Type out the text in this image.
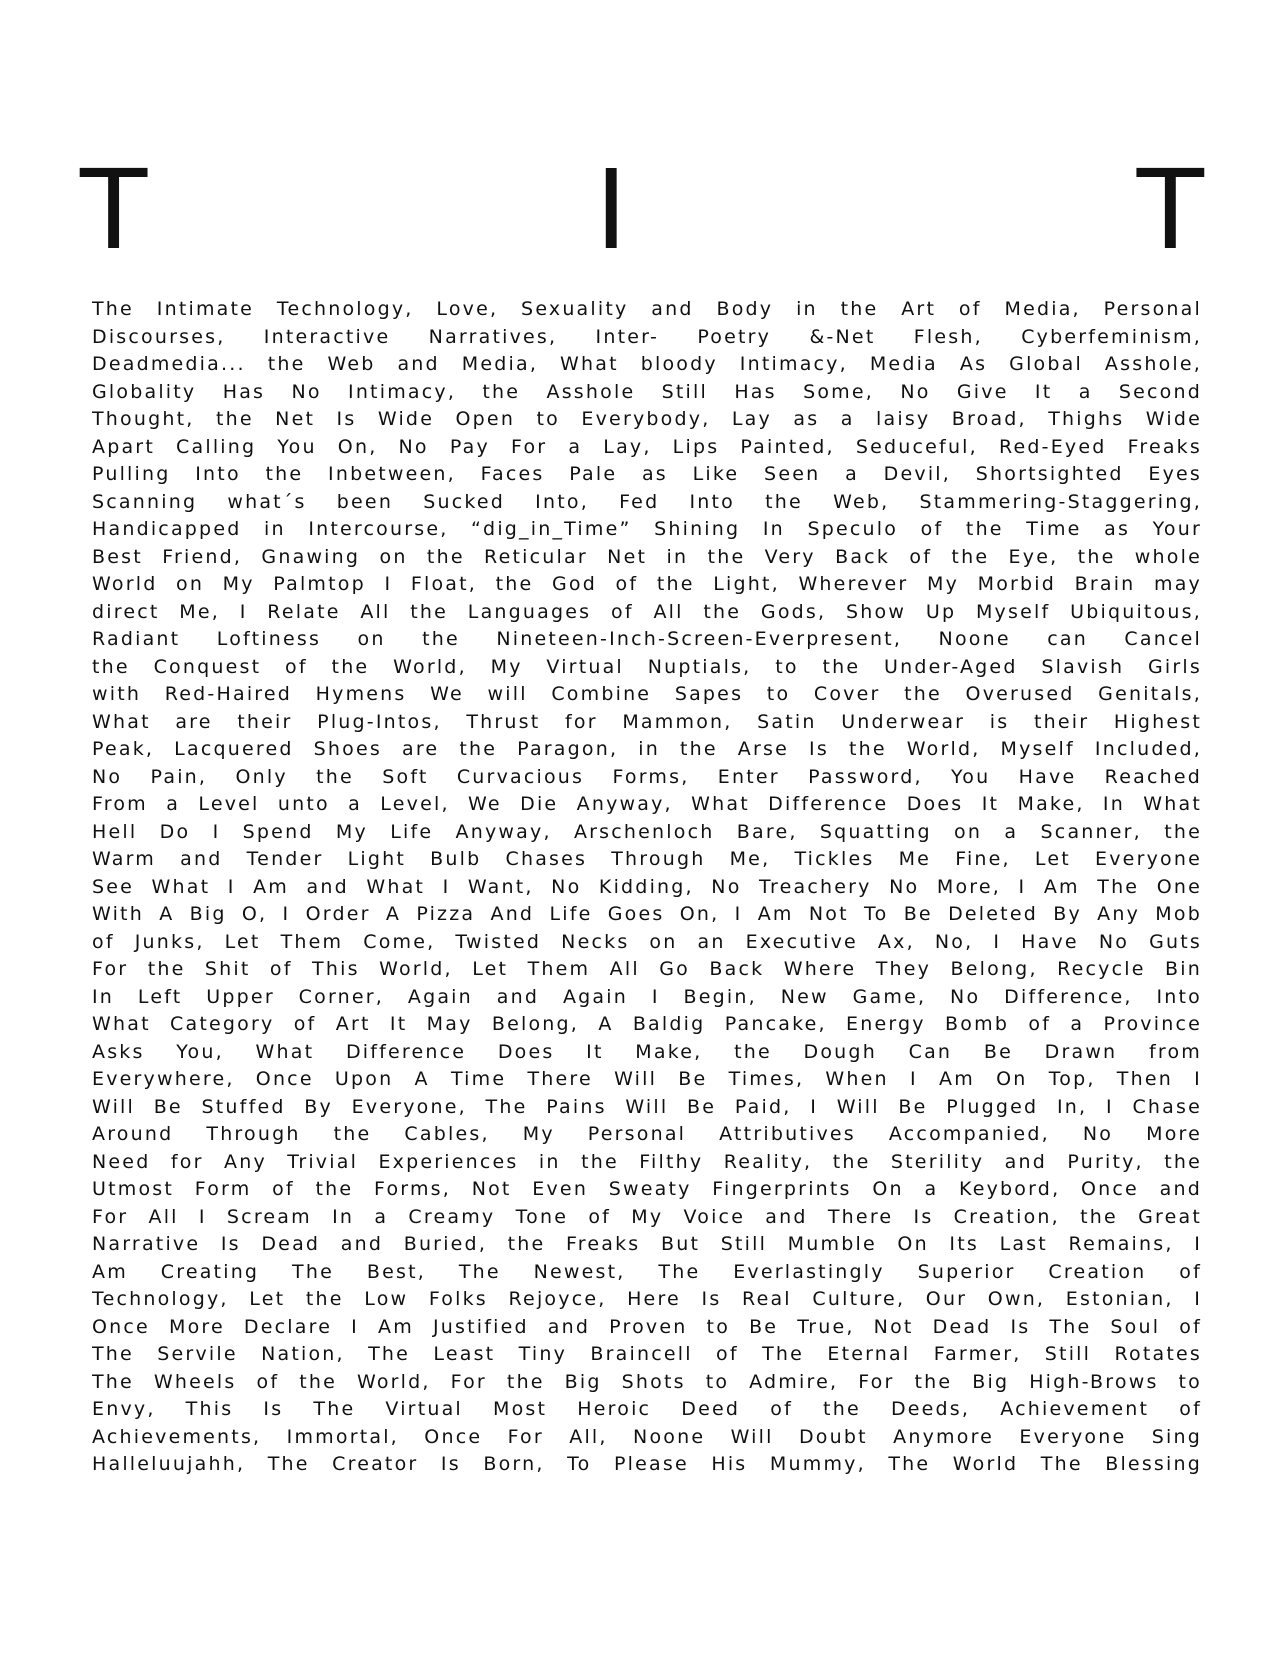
T	I	T
The Intimate Technology, Love, Sexuality and Body in the Art of Media, Personal
Discourses, Interactive Narratives, Inter- Poetry &-Net Flesh, Cyberfeminism,
Deadmedia... the Web and Media, What bloody Intimacy, Media As Global Asshole,
Globality Has No Intimacy, the Asshole Still Has Some, No Give It a Second
Thought, the Net Is Wide Open to Everybody, Lay as a laisy Broad, Thighs Wide
Apart Calling You On, No Pay For a Lay, Lips Painted, Seduceful, Red-Eyed Freaks
Pulling Into the Inbetween, Faces Pale as Like Seen a Devil, Shortsighted Eyes
Scanning what´s been Sucked Into, Fed Into the Web, Stammering-Staggering,
Handicapped in Intercourse, “dig_in_Time” Shining In Speculo of the Time as Your
Best Friend, Gnawing on the Reticular Net in the Very Back of the Eye, the whole
World on My Palmtop I Float, the God of the Light, Wherever My Morbid Brain may
direct Me, I Relate All the Languages of All the Gods, Show Up Myself Ubiquitous,
Radiant Loftiness on the Nineteen-Inch-Screen-Everpresent, Noone can Cancel
the Conquest of the World, My Virtual Nuptials, to the Under-Aged Slavish Girls
with Red-Haired Hymens We will Combine Sapes to Cover the Overused Genitals,
What are their Plug-Intos, Thrust for Mammon, Satin Underwear is their Highest
Peak, Lacquered Shoes are the Paragon, in the Arse Is the World, Myself Included,
No Pain, Only the Soft Curvacious Forms, Enter Password, You Have Reached
From a Level unto a Level, We Die Anyway, What Difference Does It Make, In What
Hell Do I Spend My Life Anyway, Arschenloch Bare, Squatting on a Scanner, the
Warm and Tender Light Bulb Chases Through Me, Tickles Me Fine, Let Everyone
See What I Am and What I Want, No Kidding, No Treachery No More, I Am The One
With A Big O, I Order A Pizza And Life Goes On, I Am Not To Be Deleted By Any Mob
of Junks, Let Them Come, Twisted Necks on an Executive Ax, No, I Have No Guts
For the Shit of This World, Let Them All Go Back Where They Belong, Recycle Bin
In Left Upper Corner, Again and Again I Begin, New Game, No Difference, Into
What Category of Art It May Belong, A Baldig Pancake, Energy Bomb of a Province
Asks You, What Difference Does It Make, the Dough Can Be Drawn from
Everywhere, Once Upon A Time There Will Be Times, When I Am On Top, Then I
Will Be Stuffed By Everyone, The Pains Will Be Paid, I Will Be Plugged In, I Chase
Around Through the Cables, My Personal Attributives Accompanied, No More
Need for Any Trivial Experiences in the Filthy Reality, the Sterility and Purity, the
Utmost Form of the Forms, Not Even Sweaty Fingerprints On a Keybord, Once and
For All I Scream In a Creamy Tone of My Voice and There Is Creation, the Great
Narrative Is Dead and Buried, the Freaks But Still Mumble On Its Last Remains, I
Am Creating The Best, The Newest, The Everlastingly Superior Creation of
Technology, Let the Low Folks Rejoyce, Here Is Real Culture, Our Own, Estonian, I
Once More Declare I Am Justified and Proven to Be True, Not Dead Is The Soul of
The Servile Nation, The Least Tiny Braincell of The Eternal Farmer, Still Rotates
The Wheels of the World, For the Big Shots to Admire, For the Big High-Brows to
Envy, This Is The Virtual Most Heroic Deed of the Deeds, Achievement of
Achievements, Immortal, Once For All, Noone Will Doubt Anymore Everyone Sing
Halleluujahh, The Creator Is Born, To Please His Mummy, The World The Blessing
